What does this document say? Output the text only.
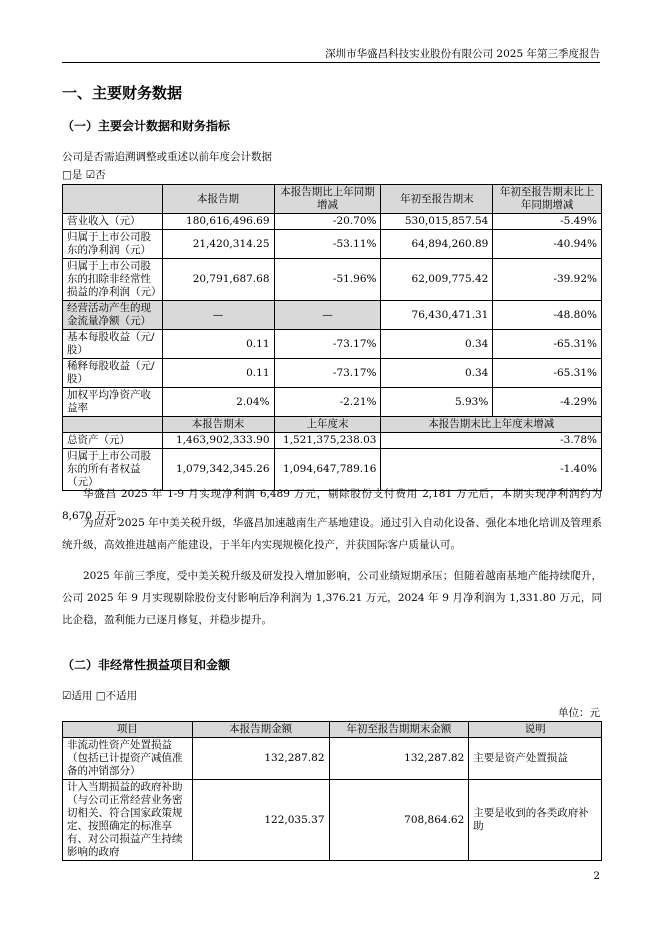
深圳市华盛昌科技实业股份有限公司 2025 年第三季度报告
一、主要财务数据
（一）主要会计数据和财务指标
公司是否需追溯调整或重述以前年度会计数据
□是 ☑否
	本报告期	本报告期比上年同期增减	年初至报告期末	年初至报告期末比上年同期增减
营业收入（元）	180,616,496.69	-20.70%	530,015,857.54	-5.49%
归属于上市公司股东的净利润（元）	21,420,314.25	-53.11%	64,894,260.89	-40.94%
归属于上市公司股东的扣除非经常性损益的净利润（元）	20,791,687.68	-51.96%	62,009,775.42	-39.92%
经营活动产生的现金流量净额（元）	—	—	76,430,471.31	-48.80%
基本每股收益（元/股）	0.11	-73.17%	0.34	-65.31%
稀释每股收益（元/股）	0.11	-73.17%	0.34	-65.31%
加权平均净资产收益率	2.04%	-2.21%	5.93%	-4.29%
	本报告期末	上年度末	本报告期末比上年度末增减	
总资产（元）	1,463,902,333.90	1,521,375,238.03	-3.78%	
归属于上市公司股东的所有者权益（元）	1,079,342,345.26	1,094,647,789.16	-1.40%	
华盛昌 2025 年 1-9 月实现净利润 6,489 万元，剔除股份支付费用 2,181 万元后，本期实现净利润约为 8,670 万元。
为应对 2025 年中美关税升级，华盛昌加速越南生产基地建设。通过引入自动化设备、强化本地化培训及管理系统升级，高效推进越南产能建设，于半年内实现规模化投产，并获国际客户质量认可。
2025 年前三季度，受中美关税升级及研发投入增加影响，公司业绩短期承压；但随着越南基地产能持续爬升，公司 2025 年 9 月实现剔除股份支付影响后净利润为 1,376.21 万元，2024 年 9 月净利润为 1,331.80 万元，同比企稳，盈利能力已逐月修复，并稳步提升。
（二）非经常性损益项目和金额
☑适用 □不适用
单位：元
项目	本报告期金额	年初至报告期期末金额	说明
非流动性资产处置损益（包括已计提资产减值准备的冲销部分）	132,287.82	132,287.82	主要是资产处置损益
计入当期损益的政府补助（与公司正常经营业务密切相关、符合国家政策规定、按照确定的标准享有、对公司损益产生持续影响的政府	122,035.37	708,864.62	主要是收到的各类政府补助
2
